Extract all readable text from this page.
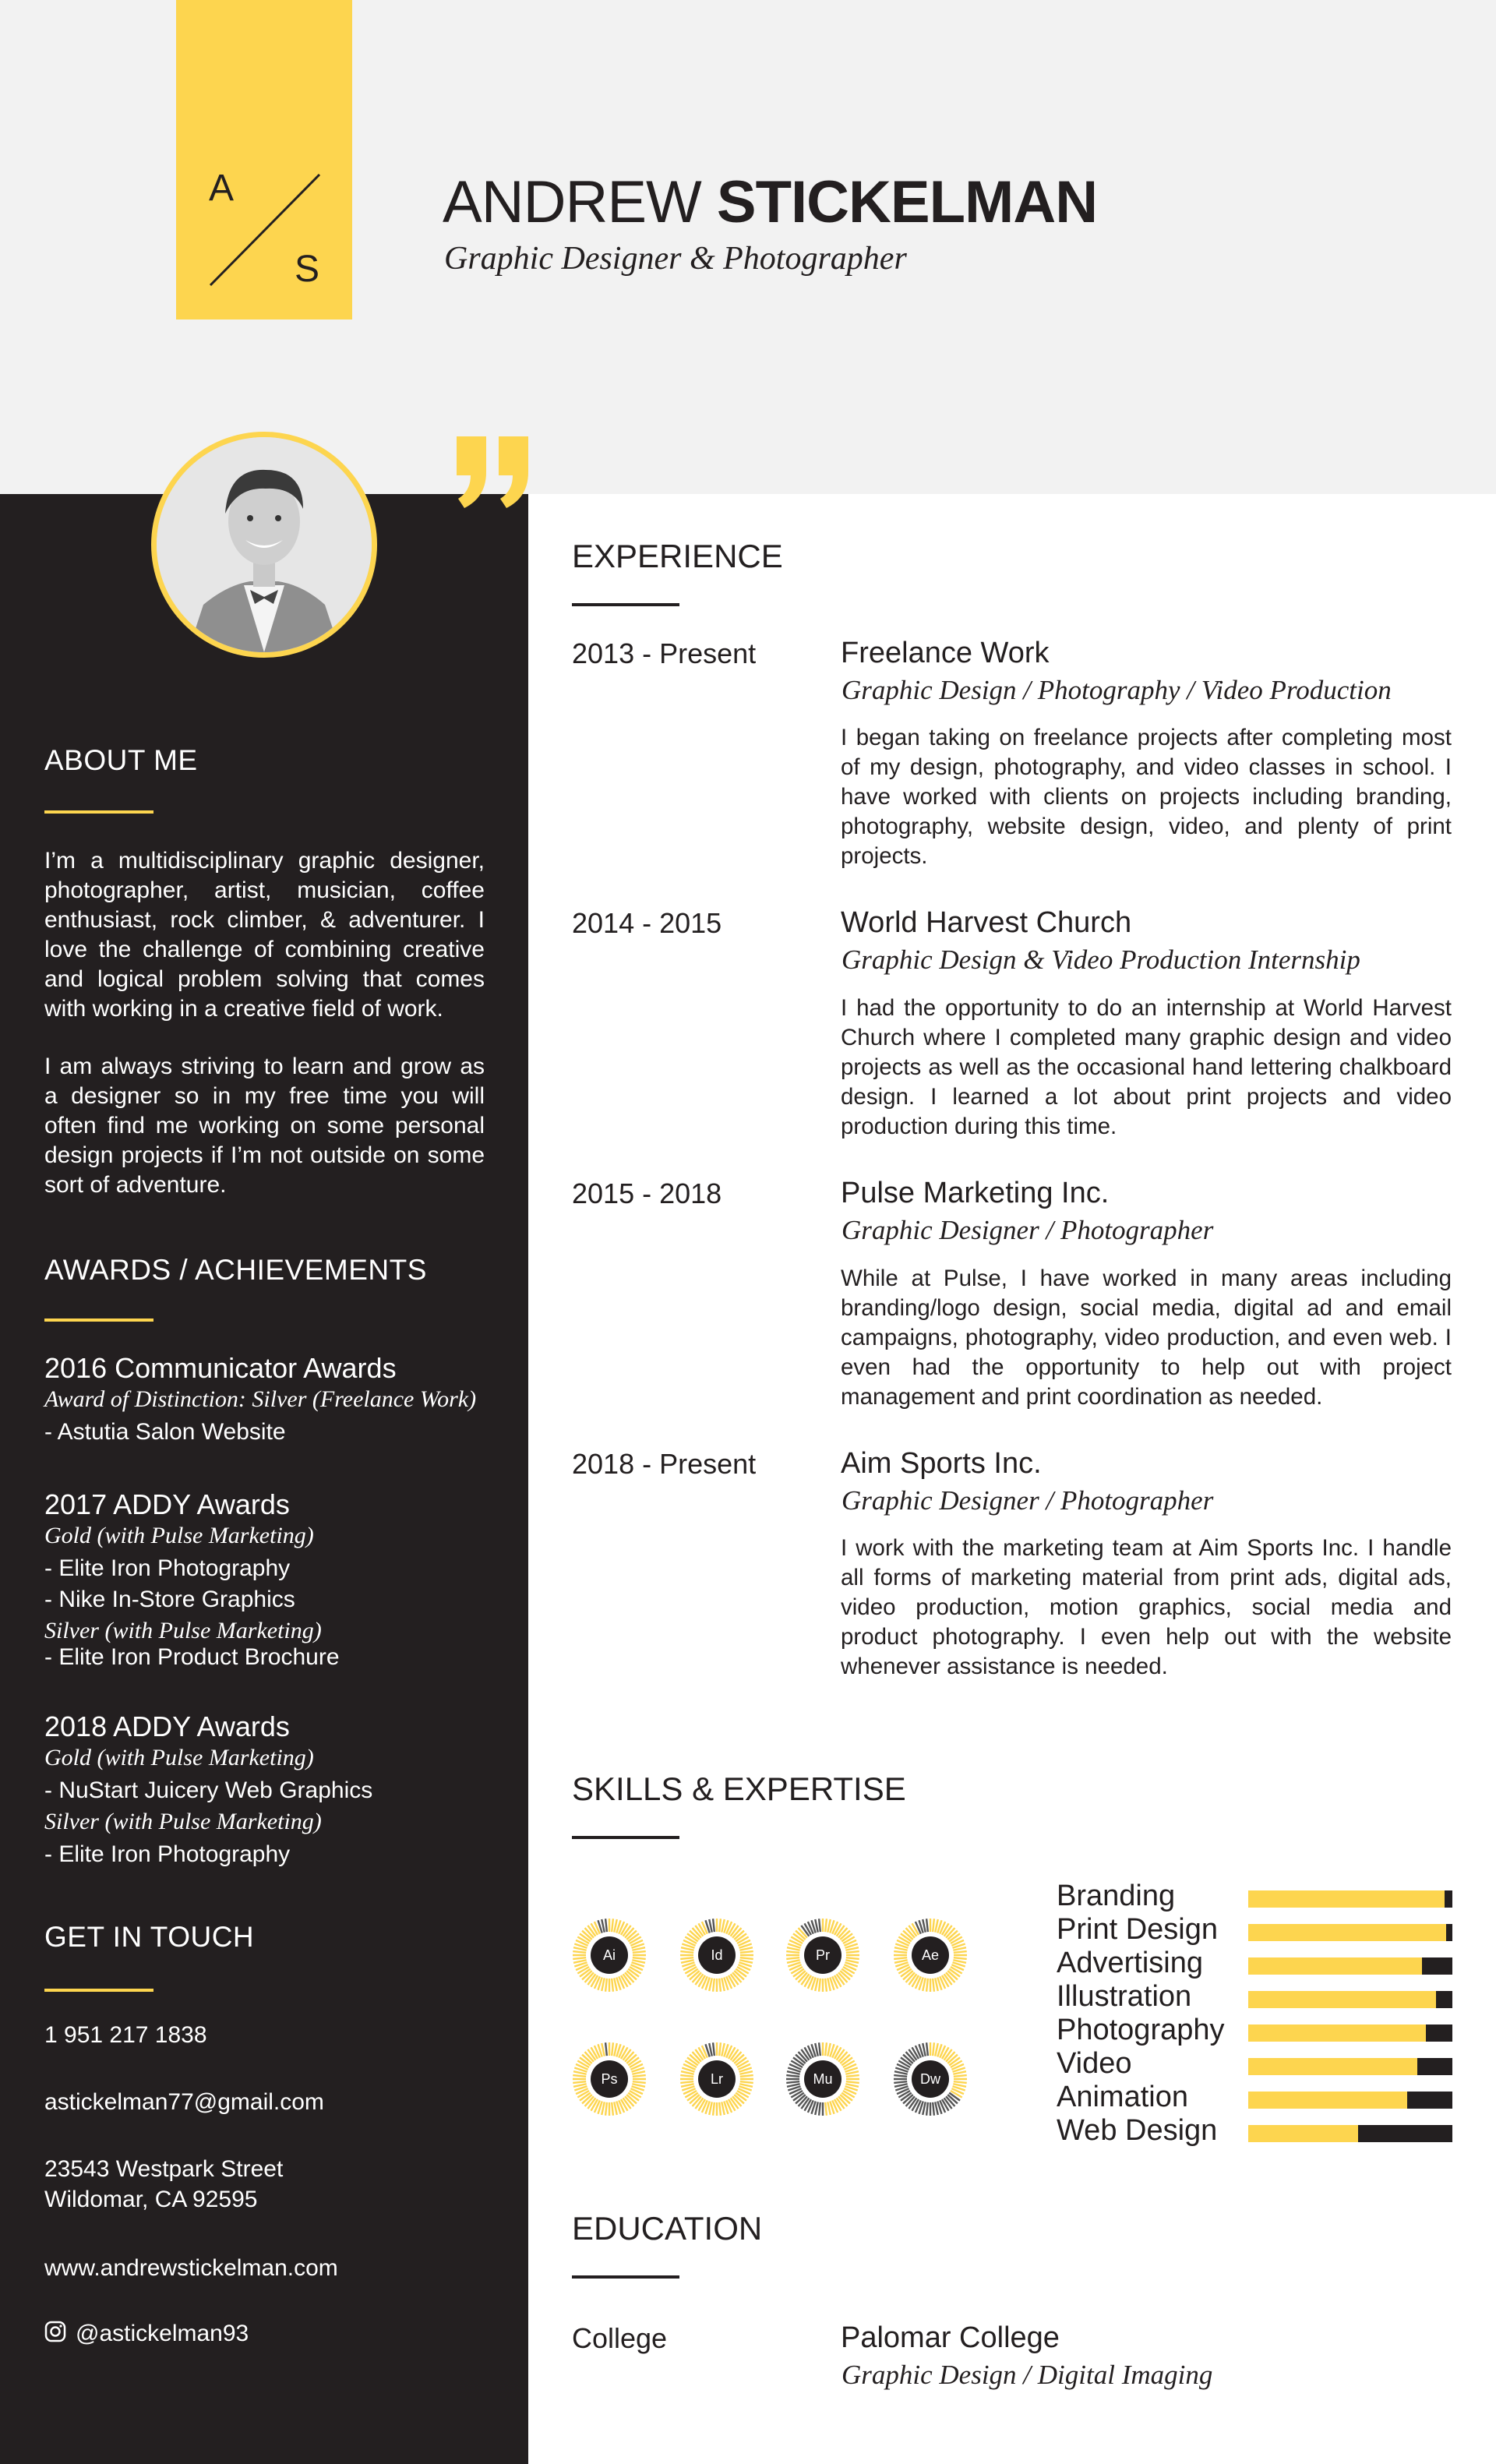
A
S
ANDREW STICKELMAN
Graphic Designer & Photographer
ABOUT ME
I’m a multidisciplinary graphic designer, photographer, artist, musician, coffee enthusiast, rock climber, & adventurer. I love the challenge of combining creative and logical problem solving that comes with working in a creative field of work.
I am always striving to learn and grow as a designer so in my free time you will often find me working on some personal design projects if I’m not outside on some sort of adventure.
AWARDS / ACHIEVEMENTS
2016 Communicator Awards
Award of Distinction: Silver (Freelance Work)
- Astutia Salon Website
2017 ADDY Awards
Gold (with Pulse Marketing)
- Elite Iron Photography
- Nike In-Store Graphics
Silver (with Pulse Marketing)
- Elite Iron Product Brochure
2018 ADDY Awards
Gold (with Pulse Marketing)
- NuStart Juicery Web Graphics
Silver (with Pulse Marketing)
- Elite Iron Photography
GET IN TOUCH
1 951 217 1838
astickelman77@gmail.com
23543 Westpark Street
Wildomar, CA 92595
www.andrewstickelman.com
@astickelman93
EXPERIENCE
2013 - Present	Freelance Work
Graphic Design / Photography / Video Production
I began taking on freelance projects after completing most of my design, photography, and video classes in school. I have worked with clients on projects including branding, photography, website design, video, and plenty of print projects.
2014 - 2015	World Harvest Church
Graphic Design & Video Production Internship
I had the opportunity to do an internship at World Harvest Church where I completed many graphic design and video projects as well as the occasional hand lettering chalkboard design. I learned a lot about print projects and video production during this time.
2015 - 2018	Pulse Marketing Inc.
Graphic Designer / Photographer
While at Pulse, I have worked in many areas including branding/logo design, social media, digital ad and email campaigns, photography, video production, and even web. I even had the opportunity to help out with project management and print coordination as needed.
2018 - Present	Aim Sports Inc.
Graphic Designer / Photographer
I work with the marketing team at Aim Sports Inc. I handle all forms of marketing material from print ads, digital ads, video production, motion graphics, social media and product photography. I even help out with the website whenever assistance is needed.
SKILLS & EXPERTISE
Ai	Id	Pr	Ae
Ps	Lr	Mu	Dw
Branding
Print Design
Advertising
Illustration
Photography
Video
Animation
Web Design
EDUCATION
College	Palomar College
Graphic Design / Digital Imaging
